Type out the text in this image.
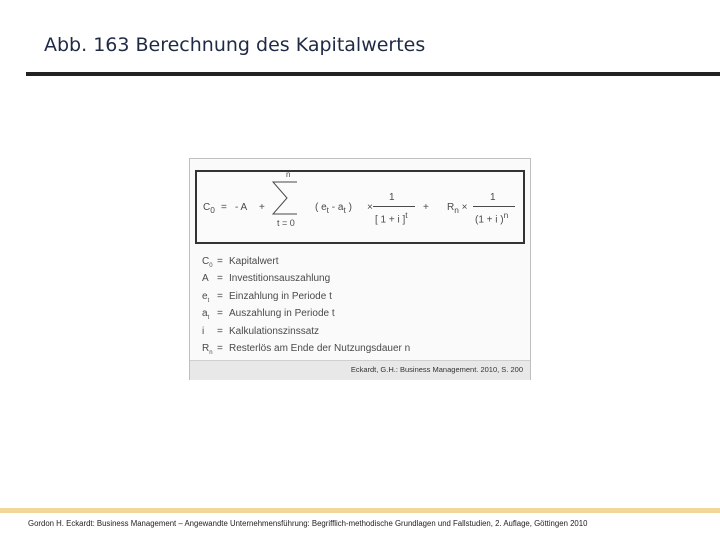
Abb. 163 Berechnung des Kapitalwertes
$C_0$ = - A +
n
t = 0
( $e_t - a_t$ ) ×
1
[ 1 + i ]$^t$
+ $R_n$ ×
1
(1 + i )$^n$
$C_0$ = Kapitalwert
A = Investitionsauszahlung
$e_t$ = Einzahlung in Periode t
$a_t$ = Auszahlung in Periode t
i = Kalkulationszinssatz
$R_n$ = Resterlös am Ende der Nutzungsdauer n
Eckardt, G.H.: Business Management. 2010, S. 200
Gordon H. Eckardt: Business Management – Angewandte Unternehmensführung: Begrifflich-methodische Grundlagen und Fallstudien, 2. Auflage, Göttingen 2010
